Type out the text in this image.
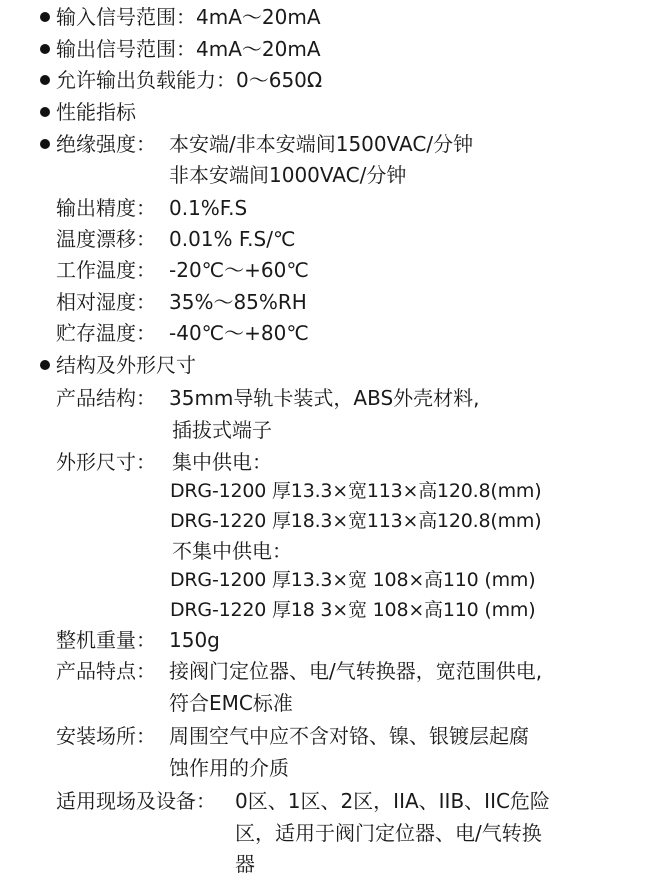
输入信号范围：4mA～20mA
输出信号范围：4mA～20mA
允许输出负载能力：0～650Ω
性能指标
绝缘强度： 本安端/非本安端间1500VAC/分钟
非本安端间1000VAC/分钟
输出精度： 0.1%F.S
温度漂移： 0.01% F.S/℃
工作温度： -20℃～+60℃
相对湿度： 35%～85%RH
贮存温度： -40℃～+80℃
结构及外形尺寸
产品结构： 35mm导轨卡装式，ABS外壳材料,
插拔式端子
外形尺寸： 集中供电：
DRG-1200 厚13.3×宽113×高120.8(mm)
DRG-1220 厚18.3×宽113×高120.8(mm)
不集中供电：
DRG-1200 厚13.3×宽 108×高110 (mm)
DRG-1220 厚18 3×宽 108×高110 (mm)
整机重量： 150g
产品特点： 接阀门定位器、电/气转换器，宽范围供电,
符合EMC标准
安装场所： 周围空气中应不含对铬、镍、银镀层起腐
蚀作用的介质
适用现场及设备： 0区、1区、2区，IIA、IIB、IIC危险
区，适用于阀门定位器、电/气转换
器
